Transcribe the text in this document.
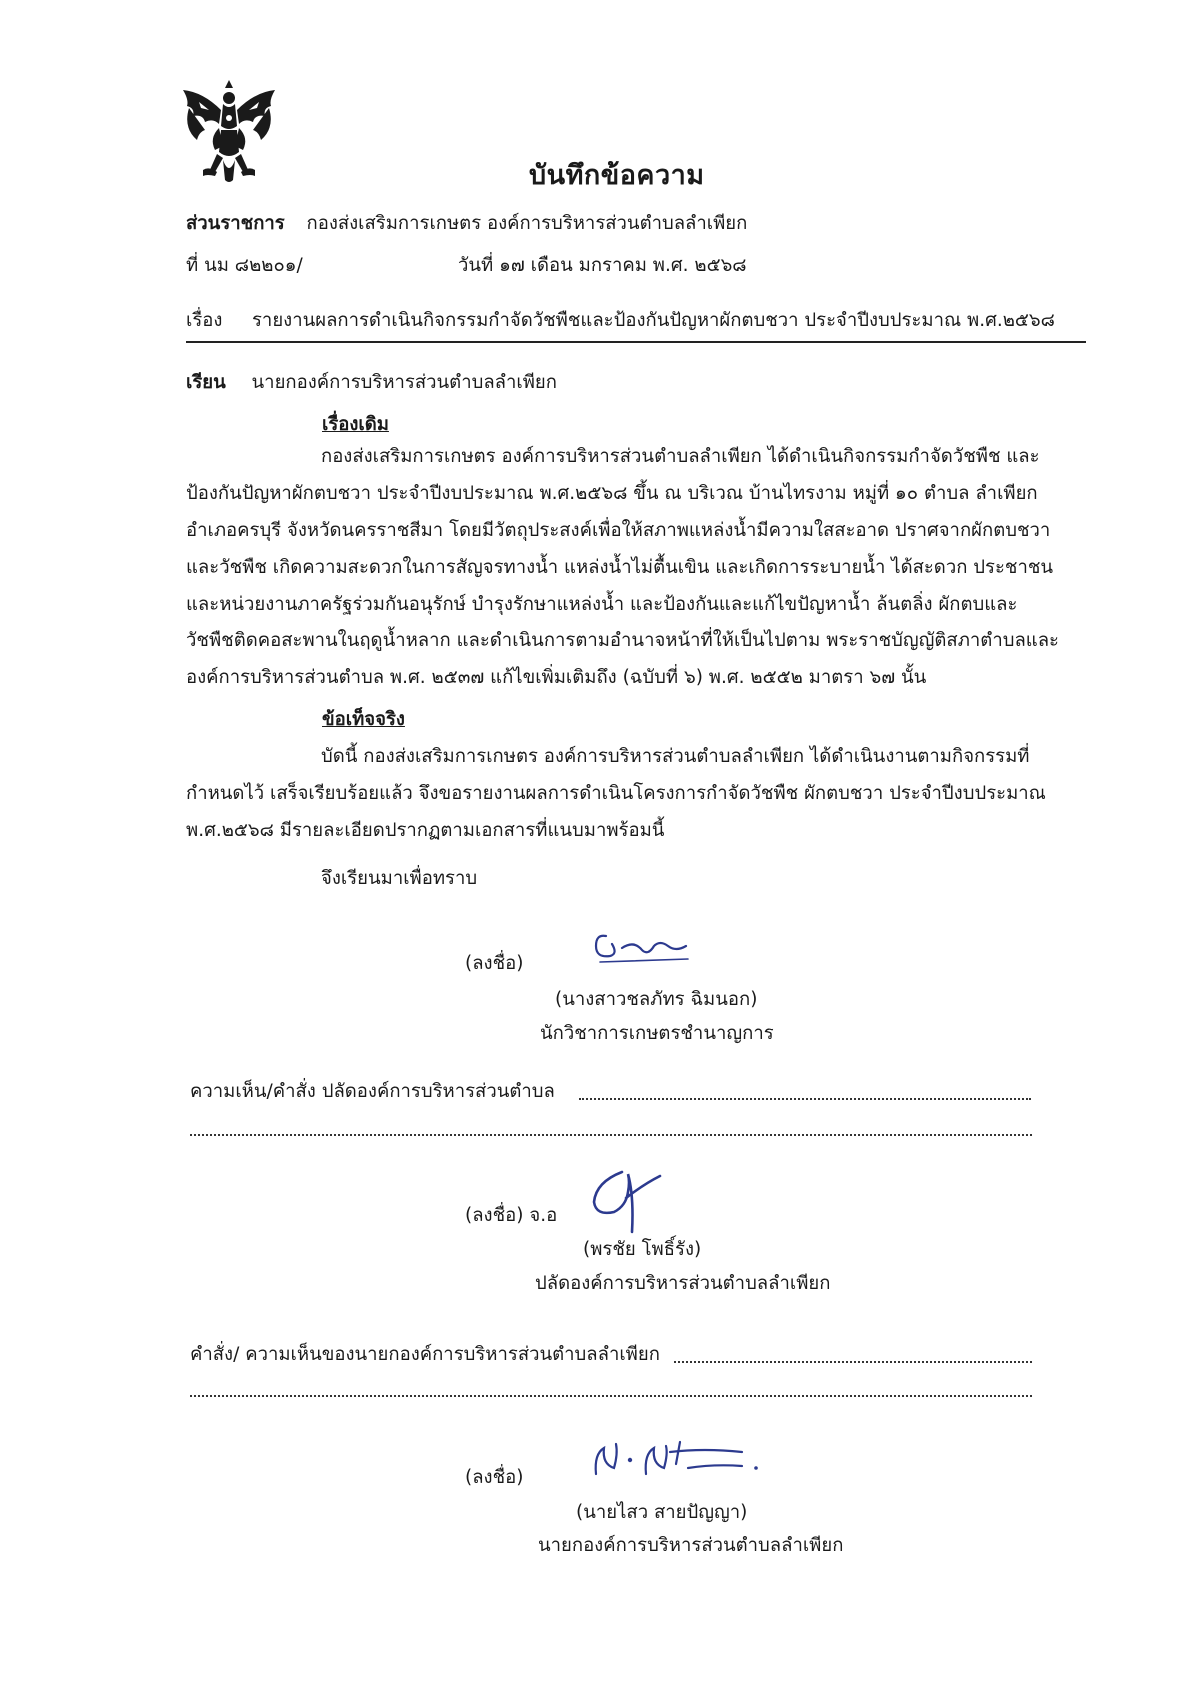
บันทึกข้อความ
ส่วนราชการ กองส่งเสริมการเกษตร องค์การบริหารส่วนตำบลลำเพียก
ที่ นม ๘๒๒๐๑/	วันที่ ๑๗ เดือน มกราคม พ.ศ. ๒๕๖๘
เรื่อง รายงานผลการดำเนินกิจกรรมกำจัดวัชพืชและป้องกันปัญหาผักตบชวา ประจำปีงบประมาณ พ.ศ.๒๕๖๘
เรียน นายกองค์การบริหารส่วนตำบลลำเพียก
เรื่องเดิม
กองส่งเสริมการเกษตร องค์การบริหารส่วนตำบลลำเพียก ได้ดำเนินกิจกรรมกำจัดวัชพืช และ
ป้องกันปัญหาผักตบชวา ประจำปีงบประมาณ พ.ศ.๒๕๖๘ ขึ้น ณ บริเวณ บ้านไทรงาม หมู่ที่ ๑๐ ตำบล ลำเพียก
อำเภอครบุรี จังหวัดนครราชสีมา โดยมีวัตถุประสงค์เพื่อให้สภาพแหล่งน้ำมีความใสสะอาด ปราศจากผักตบชวา
และวัชพืช เกิดความสะดวกในการสัญจรทางน้ำ แหล่งน้ำไม่ตื้นเขิน และเกิดการระบายน้ำ ได้สะดวก ประชาชน
และหน่วยงานภาครัฐร่วมกันอนุรักษ์ บำรุงรักษาแหล่งน้ำ และป้องกันและแก้ไขปัญหาน้ำ ล้นตลิ่ง ผักตบและ
วัชพืชติดคอสะพานในฤดูน้ำหลาก และดำเนินการตามอำนาจหน้าที่ให้เป็นไปตาม พระราชบัญญัติสภาตำบลและ
องค์การบริหารส่วนตำบล พ.ศ. ๒๕๓๗ แก้ไขเพิ่มเติมถึง (ฉบับที่ ๖) พ.ศ. ๒๕๕๒ มาตรา ๖๗ นั้น
ข้อเท็จจริง
บัดนี้ กองส่งเสริมการเกษตร องค์การบริหารส่วนตำบลลำเพียก ได้ดำเนินงานตามกิจกรรมที่
กำหนดไว้ เสร็จเรียบร้อยแล้ว จึงขอรายงานผลการดำเนินโครงการกำจัดวัชพืช ผักตบชวา ประจำปีงบประมาณ
พ.ศ.๒๕๖๘ มีรายละเอียดปรากฏตามเอกสารที่แนบมาพร้อมนี้
จึงเรียนมาเพื่อทราบ
(ลงชื่อ)
(นางสาวชลภัทร ฉิมนอก)
นักวิชาการเกษตรชำนาญการ
ความเห็น/คำสั่ง ปลัดองค์การบริหารส่วนตำบล
(ลงชื่อ) จ.อ
(พรชัย โพธิ์รัง)
ปลัดองค์การบริหารส่วนตำบลลำเพียก
คำสั่ง/ ความเห็นของนายกองค์การบริหารส่วนตำบลลำเพียก
(ลงชื่อ)
(นายไสว สายปัญญา)
นายกองค์การบริหารส่วนตำบลลำเพียก
